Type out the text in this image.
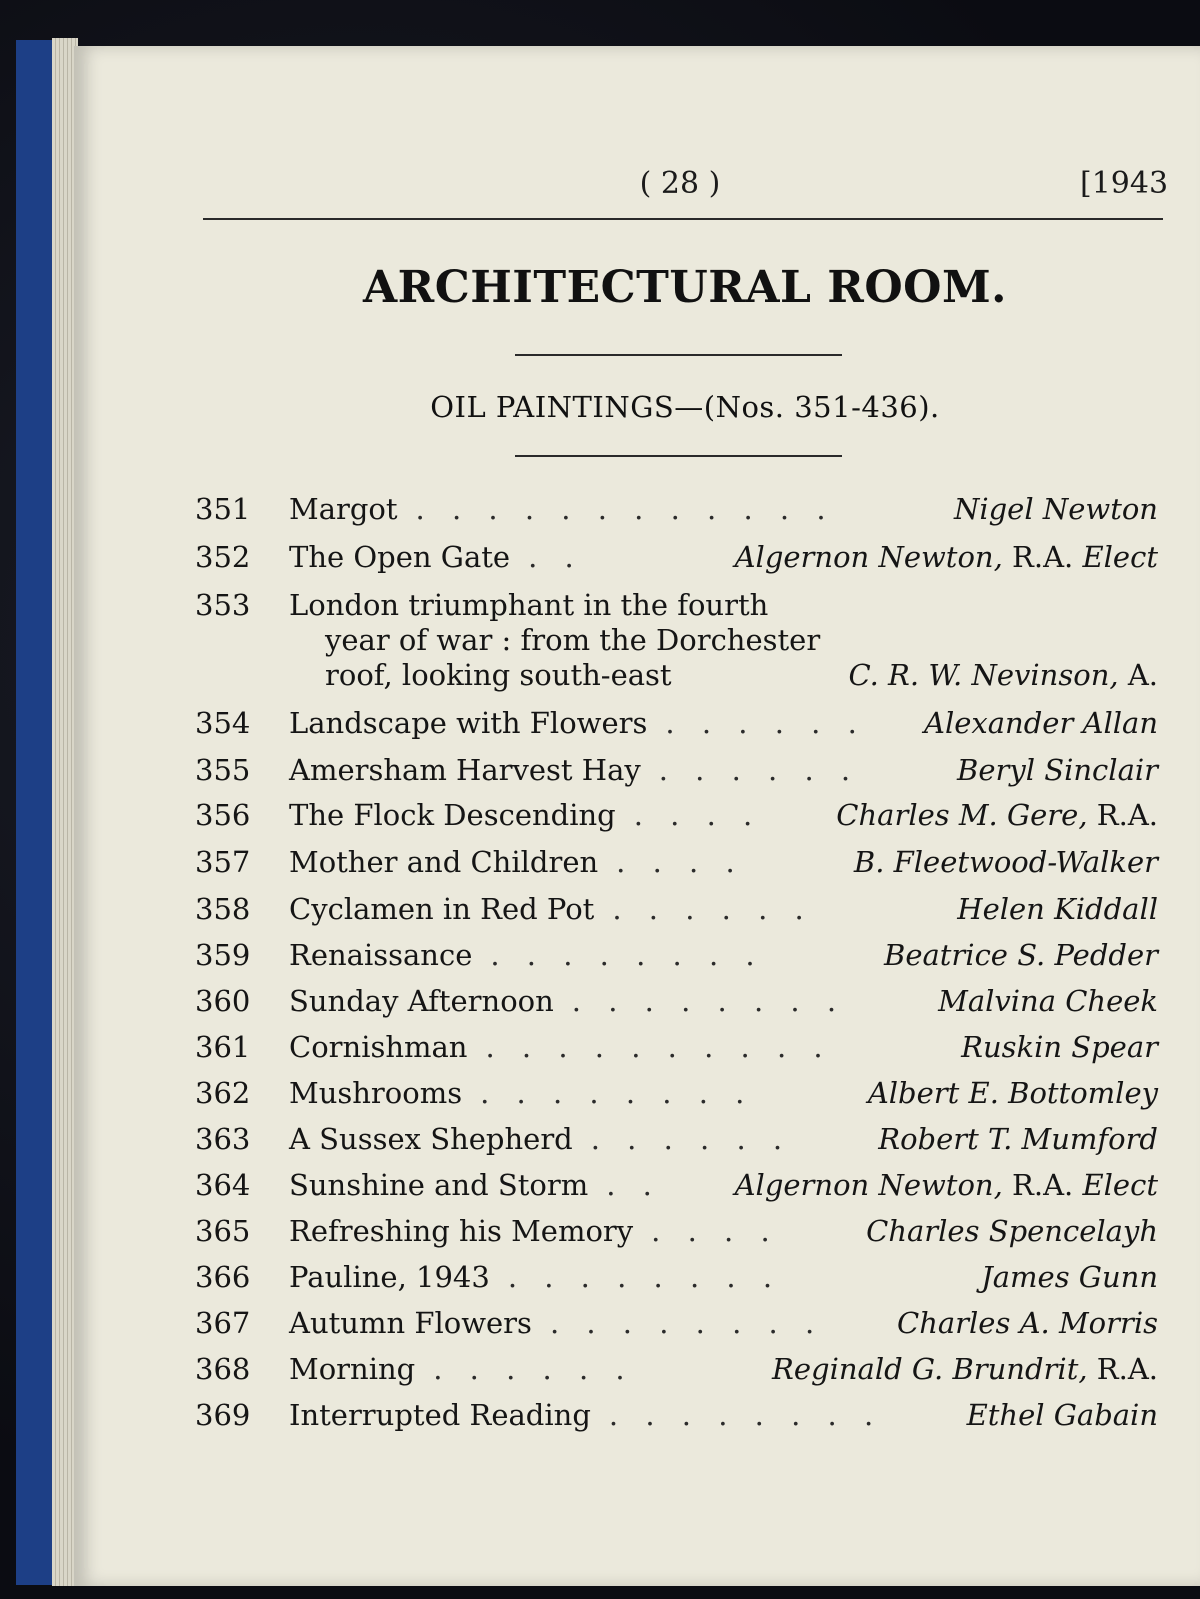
( 28 )	[1943
ARCHITECTURAL ROOM.
OIL PAINTINGS—(Nos. 351-436).
351	Margot	Nigel Newton
. . . . . . . . . . . .
352	The Open Gate	Algernon Newton, R.A. Elect
. .
353	London triumphant in the fourth
year of war : from the Dorchester
roof, looking south-east	C. R. W. Nevinson, A.
354	Landscape with Flowers	Alexander Allan
. . . . . .
355	Amersham Harvest Hay	Beryl Sinclair
. . . . . .
356	The Flock Descending	Charles M. Gere, R.A.
. . . .
357	Mother and Children	B. Fleetwood-Walker
. . . .
358	Cyclamen in Red Pot	Helen Kiddall
. . . . . .
359	Renaissance	Beatrice S. Pedder
. . . . . . . .
360	Sunday Afternoon	Malvina Cheek
. . . . . . . .
361	Cornishman	Ruskin Spear
. . . . . . . . . .
362	Mushrooms	Albert E. Bottomley
. . . . . . . .
363	A Sussex Shepherd	Robert T. Mumford
. . . . . .
364	Sunshine and Storm	Algernon Newton, R.A. Elect
. .
365	Refreshing his Memory	Charles Spencelayh
. . . .
366	Pauline, 1943	James Gunn
. . . . . . . .
367	Autumn Flowers	Charles A. Morris
. . . . . . . .
368	Morning	Reginald G. Brundrit, R.A.
. . . . . .
369	Interrupted Reading	Ethel Gabain
. . . . . . . .
